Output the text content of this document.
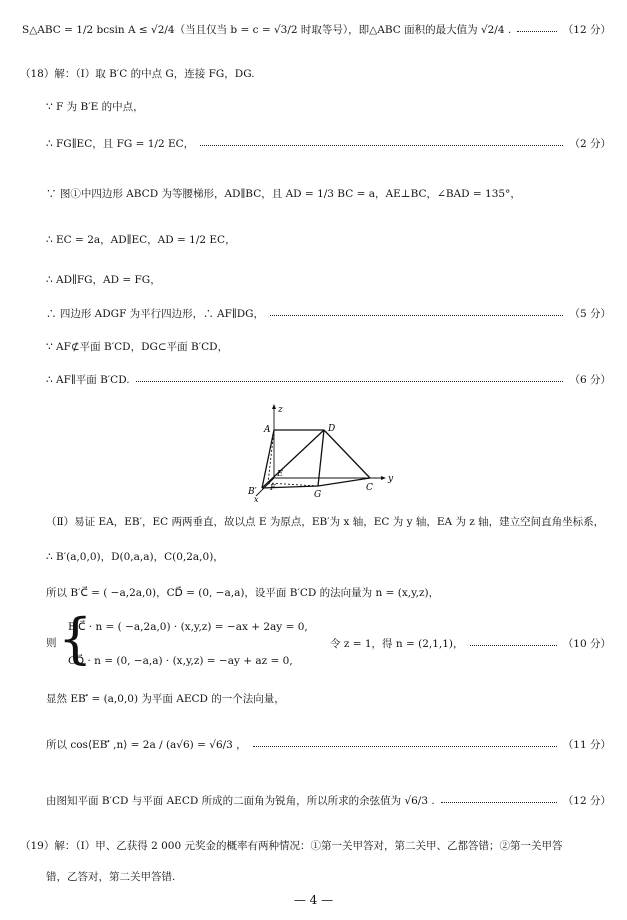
S△ABC = 1/2 bcsin A ≤ √2/4（当且仅当 b = c = √3/2 时取等号），即△ABC 面积的最大值为 √2/4 .	（12 分）
（18）解：（Ⅰ）取 B′C 的中点 G，连接 FG，DG.
∵ F 为 B′E 的中点，
∴ FG∥EC，且 FG = 1/2 EC，	（2 分）
∵ 图①中四边形 ABCD 为等腰梯形，AD∥BC，且 AD = 1/3 BC = a，AE⊥BC，∠BAD = 135°，
∴ EC = 2a，AD∥EC，AD = 1/2 EC，
∴ AD∥FG，AD = FG，
∴ 四边形 ADGF 为平行四边形，∴ AF∥DG，	（5 分）
∵ AF⊄平面 B′CD，DG⊂平面 B′CD，
∴ AF∥平面 B′CD.	（6 分）
A	D
E
F
G
C
B′
x
y
z
（Ⅱ）易证 EA，EB′，EC 两两垂直，故以点 E 为原点，EB′为 x 轴，EC 为 y 轴，EA 为 z 轴，建立空间直角坐标系，
∴ B′(a,0,0)，D(0,a,a)，C(0,2a,0)，
所以 B′C⃗ = ( −a,2a,0)，CD⃗ = (0, −a,a)，设平面 B′CD 的法向量为 n = (x,y,z)，
则 {
B′C⃗ · n = ( −a,2a,0) · (x,y,z) = −ax + 2ay = 0,
CD⃗ · n = (0, −a,a) · (x,y,z) = −ay + az = 0,
令 z = 1，得 n = (2,1,1)，	（10 分）
显然 EB′⃗ = (a,0,0) 为平面 AECD 的一个法向量，
所以 cos⟨EB′⃗ ,n⟩ = 2a / (a√6) = √6/3 ，	（11 分）
由图知平面 B′CD 与平面 AECD 所成的二面角为锐角，所以所求的余弦值为 √6/3 .	（12 分）
（19）解：（Ⅰ）甲、乙获得 2 000 元奖金的概率有两种情况：①第一关甲答对，第二关甲、乙都答错；②第一关甲答
错，乙答对，第二关甲答错.
— 4 —
